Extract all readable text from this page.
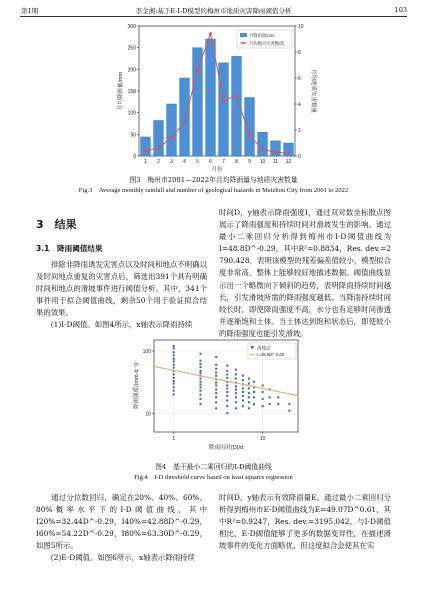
第1期	李金湘:基于E-I-D模型的梅州市地质灾害降雨阈值分析	103
0
50
100
150
200
250
300
0
2
4
6
8
10
1 2 3 4 5 6 7 8 9 10 11 12
月份
月均降雨量/mm	月均地质灾害数量
月降雨量/mm
月均地灾灾害数/起
图3　梅州市2001—2022年月均降雨量与地质灾害数量
Fig.3　Average monthly rainfall and number of geological hazards in Meizhou City from 2001 to 2022
3　结果
3.1　降雨阈值结果

　　排除非降雨诱发灾害点以及时间和地点不明确以及时间地点重复的灾害点后，筛选出391个具有明确时间和地点的滑坡事件进行阈值分析。其中，341个事件用于拟合阈值曲线，剩余50个用于验证拟合结果的效果。

　　(1)I-D阈值。如图4所示，x轴表示降雨持续

时间D，y轴表示降雨强度I，通过双对数坐标散点图展示了降雨强度和持续时间对滑坡发生的影响。通过最小二乘回归分析得到梅州市I-D阈值曲线为I=48.8D^-0.29，其中R²=0.8834，Res. dev.=2 790.428，表明该模型的残差偏差值较小，模型拟合度非常高，整体上能够较好地描述数据。阈值曲线显示出一个略微向下倾斜的趋势，表明降雨持续时间越长，引发滑坡所需的降雨强度越低。当降雨持续时间较长时，即使降雨强度不高，水分也有足够时间渗透并逐渐饱和土体。当土体达到饱和状态后，即使较小的降雨强度也能引发滑坡。

10
100
1	10
降雨历时(D)/d
降雨强度/(mm·d⁻¹)
滑坡点
I=48.8D^-0.29
图4　基于最小二乘回归的I-D阈值曲线
Fig.4　I-D threshold curve based on least squares regression

　　通过分位数回归，确定在20%、40%、60%、80%概率水平下的I-D阈值曲线，其中I20%=32.44D^-0.29，I40%=42.88D^-0.29，I60%=54.22D^-0.29，I80%=63.30D^-0.29，如图5所示。

　　(2)E-D阈值。如图6所示，x轴表示降雨持续

时间D，y轴表示有效降雨量E。通过最小二乘回归分析得到梅州市E-D阈值曲线为E=49.07D^0.61，其中R²=0.9247，Res. dev.=3195.042。与I-D阈值相比，E-D阈值能够了更多的数据变异性，在描述滑坡事件的变化方面略优，但这度拟合会使其在实
